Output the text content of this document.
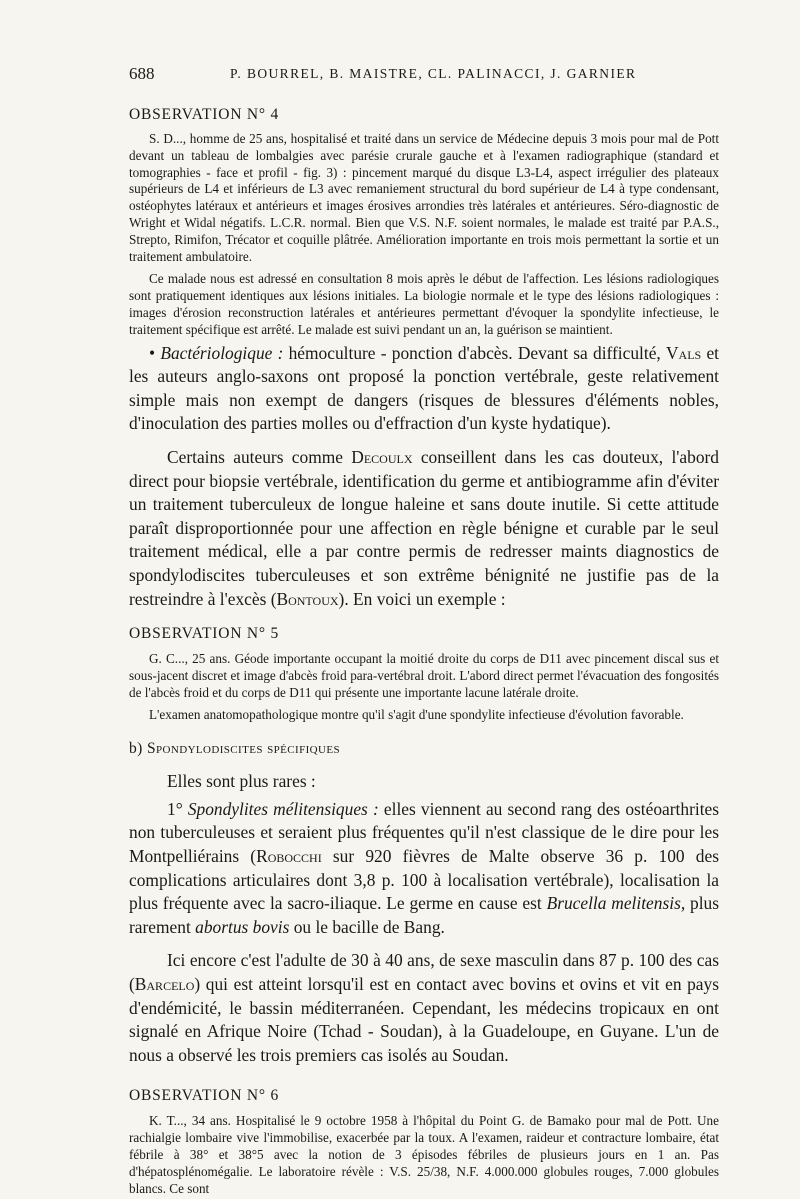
688	P. BOURREL, B. MAISTRE, CL. PALINACCI, J. GARNIER

OBSERVATION N° 4

S. D..., homme de 25 ans, hospitalisé et traité dans un service de Médecine depuis 3 mois pour mal de Pott devant un tableau de lombalgies avec parésie crurale gauche et à l'examen radiographique (standard et tomographies - face et profil - fig. 3) : pincement marqué du disque L3-L4, aspect irrégulier des plateaux supérieurs de L4 et inférieurs de L3 avec remaniement structural du bord supérieur de L4 à type condensant, ostéophytes latéraux et antérieurs et images érosives arrondies très latérales et antérieures. Séro-diagnostic de Wright et Widal négatifs. L.C.R. normal. Bien que V.S. N.F. soient normales, le malade est traité par P.A.S., Strepto, Rimifon, Trécator et coquille plâtrée. Amélioration importante en trois mois permettant la sortie et un traitement ambulatoire.

Ce malade nous est adressé en consultation 8 mois après le début de l'affection. Les lésions radiologiques sont pratiquement identiques aux lésions initiales. La biologie normale et le type des lésions radiologiques : images d'érosion reconstruction latérales et antérieures permettant d'évoquer la spondylite infectieuse, le traitement spécifique est arrêté. Le malade est suivi pendant un an, la guérison se maintient.

• Bactériologique : hémoculture - ponction d'abcès. Devant sa difficulté, Vals et les auteurs anglo-saxons ont proposé la ponction vertébrale, geste relativement simple mais non exempt de dangers (risques de blessures d'éléments nobles, d'inoculation des parties molles ou d'effraction d'un kyste hydatique).

Certains auteurs comme Decoulx conseillent dans les cas douteux, l'abord direct pour biopsie vertébrale, identification du germe et antibiogramme afin d'éviter un traitement tuberculeux de longue haleine et sans doute inutile. Si cette attitude paraît disproportionnée pour une affection en règle bénigne et curable par le seul traitement médical, elle a par contre permis de redresser maints diagnostics de spondylodiscites tuberculeuses et son extrême bénignité ne justifie pas de la restreindre à l'excès (Bontoux). En voici un exemple :

OBSERVATION N° 5

G. C..., 25 ans. Géode importante occupant la moitié droite du corps de D11 avec pincement discal sus et sous-jacent discret et image d'abcès froid para-vertébral droit. L'abord direct permet l'évacuation des fongosités de l'abcès froid et du corps de D11 qui présente une importante lacune latérale droite.

L'examen anatomopathologique montre qu'il s'agit d'une spondylite infectieuse d'évolution favorable.

b) Spondylodiscites spécifiques

Elles sont plus rares :

1° Spondylites mélitensiques : elles viennent au second rang des ostéoarthrites non tuberculeuses et seraient plus fréquentes qu'il n'est classique de le dire pour les Montpelliérains (Robocchi sur 920 fièvres de Malte observe 36 p. 100 des complications articulaires dont 3,8 p. 100 à localisation vertébrale), localisation la plus fréquente avec la sacro-iliaque. Le germe en cause est Brucella melitensis, plus rarement abortus bovis ou le bacille de Bang.

Ici encore c'est l'adulte de 30 à 40 ans, de sexe masculin dans 87 p. 100 des cas (Barcelo) qui est atteint lorsqu'il est en contact avec bovins et ovins et vit en pays d'endémicité, le bassin méditerranéen. Cependant, les médecins tropicaux en ont signalé en Afrique Noire (Tchad - Soudan), à la Guadeloupe, en Guyane. L'un de nous a observé les trois premiers cas isolés au Soudan.

OBSERVATION N° 6

K. T..., 34 ans. Hospitalisé le 9 octobre 1958 à l'hôpital du Point G. de Bamako pour mal de Pott. Une rachialgie lombaire vive l'immobilise, exacerbée par la toux. A l'examen, raideur et contracture lombaire, état fébrile à 38° et 38°5 avec la notion de 3 épisodes fébriles de plusieurs jours en 1 an. Pas d'hépatosplénomégalie. Le laboratoire révèle : V.S. 25/38, N.F. 4.000.000 globules rouges, 7.000 globules blancs. Ce sont
